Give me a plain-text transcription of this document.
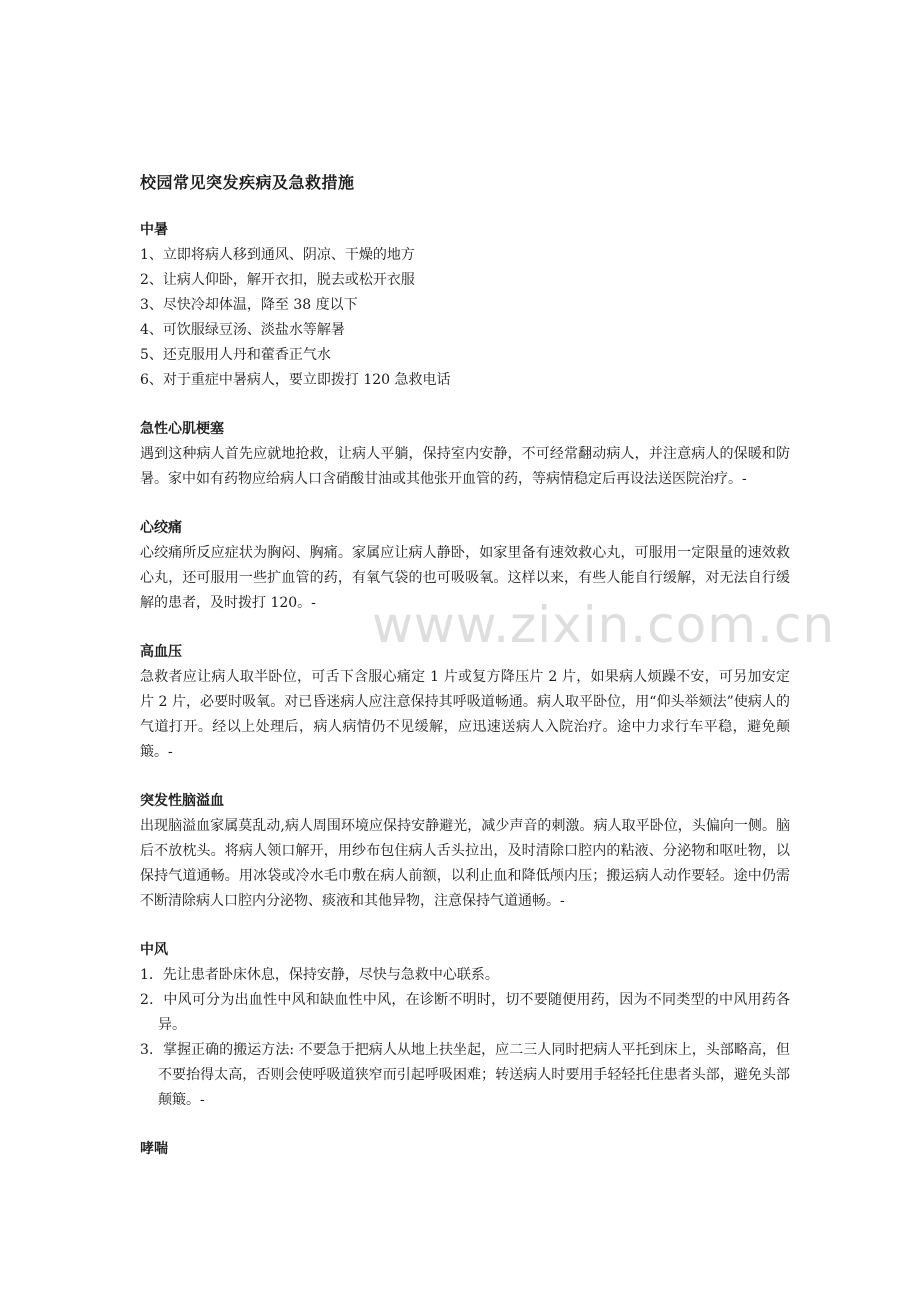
www.zixin.com.cn
校园常见突发疾病及急救措施
中暑

1、立即将病人移到通风、阴凉、干燥的地方

2、让病人仰卧，解开衣扣，脱去或松开衣服

3、尽快冷却体温，降至 38 度以下

4、可饮服绿豆汤、淡盐水等解暑

5、还克服用人丹和藿香正气水

6、对于重症中暑病人，要立即拨打 120 急救电话

急性心肌梗塞

遇到这种病人首先应就地抢救，让病人平躺，保持室内安静，不可经常翻动病人，并注意病人的保暖和防暑。家中如有药物应给病人口含硝酸甘油或其他张开血管的药，等病情稳定后再设法送医院治疗。-

心绞痛

心绞痛所反应症状为胸闷、胸痛。家属应让病人静卧，如家里备有速效救心丸，可服用一定限量的速效救心丸，还可服用一些扩血管的药，有氧气袋的也可吸吸氧。这样以来，有些人能自行缓解，对无法自行缓解的患者，及时拨打 120。-

高血压

急救者应让病人取半卧位，可舌下含服心痛定 1 片或复方降压片 2 片，如果病人烦躁不安，可另加安定片 2 片，必要时吸氧。对已昏迷病人应注意保持其呼吸道畅通。病人取平卧位，用“仰头举颏法”使病人的气道打开。经以上处理后，病人病情仍不见缓解，应迅速送病人入院治疗。途中力求行车平稳，避免颠簸。-

突发性脑溢血

出现脑溢血家属莫乱动,病人周围环境应保持安静避光，减少声音的刺激。病人取平卧位，头偏向一侧。脑后不放枕头。将病人领口解开，用纱布包住病人舌头拉出，及时清除口腔内的粘液、分泌物和呕吐物，以保持气道通畅。用冰袋或冷水毛巾敷在病人前额，以利止血和降低颅内压；搬运病人动作要轻。途中仍需不断清除病人口腔内分泌物、痰液和其他异物，注意保持气道通畅。-

中风

1．先让患者卧床休息，保持安静，尽快与急救中心联系。

2．中风可分为出血性中风和缺血性中风，在诊断不明时，切不要随便用药，因为不同类型的中风用药各异。

3．掌握正确的搬运方法: 不要急于把病人从地上扶坐起，应二三人同时把病人平托到床上，头部略高，但不要抬得太高，否则会使呼吸道狭窄而引起呼吸困难；转送病人时要用手轻轻托住患者头部，避免头部颠簸。-

哮喘
